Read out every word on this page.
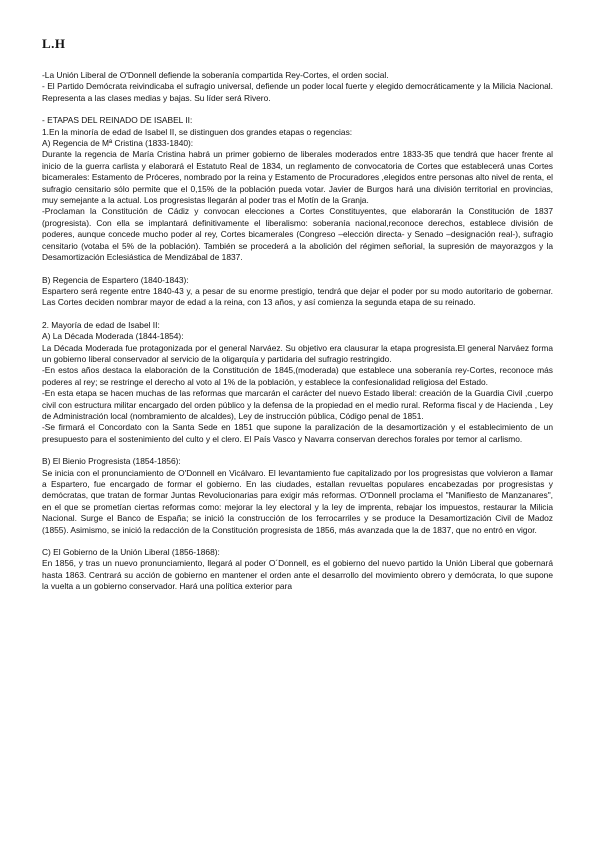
L.H

-La Unión Liberal de O'Donnell defiende la soberanía compartida Rey-Cortes, el orden social.

- El Partido Demócrata reivindicaba el sufragio universal, defiende un poder local fuerte y elegido democráticamente y la Milicia Nacional. Representa a las clases medias y bajas. Su líder será Rivero.

- ETAPAS DEL REINADO DE ISABEL II:

1.En la minoría de edad de Isabel II, se distinguen dos grandes etapas o regencias:

A) Regencia de Mª Cristina (1833-1840):

Durante la regencia de María Cristina habrá un primer gobierno de liberales moderados entre 1833-35 que tendrá que hacer frente al inicio de la guerra carlista y elaborará el Estatuto Real de 1834, un reglamento de convocatoria de Cortes que establecerá unas Cortes bicamerales: Estamento de Próceres, nombrado por la reina y Estamento de Procuradores ,elegidos entre personas alto nivel de renta, el sufragio censitario sólo permite que el 0,15% de la población pueda votar. Javier de Burgos hará una división territorial en provincias, muy semejante a la actual. Los progresistas llegarán al poder tras el Motín de la Granja.

-Proclaman la Constitución de Cádiz y convocan elecciones a Cortes Constituyentes, que elaborarán la Constitución de 1837 (progresista). Con ella se implantará definitivamente el liberalismo: soberanía nacional,reconoce derechos, establece división de poderes, aunque concede mucho poder al rey, Cortes bicamerales (Congreso –elección directa- y Senado –designación real-), sufragio censitario (votaba el 5% de la población). También se procederá a la abolición del régimen señorial, la supresión de mayorazgos y la Desamortización Eclesiástica de Mendizábal de 1837.

B) Regencia de Espartero (1840-1843):

Espartero será regente entre 1840-43 y, a pesar de su enorme prestigio, tendrá que dejar el poder por su modo autoritario de gobernar. Las Cortes deciden nombrar mayor de edad a la reina, con 13 años, y así comienza la segunda etapa de su reinado.

2. Mayoría de edad de Isabel II:

A) La Década Moderada (1844-1854):

La Década Moderada fue protagonizada por el general Narváez. Su objetivo era clausurar la etapa progresista.El general Narváez forma un gobierno liberal conservador al servicio de la oligarquía y partidaria del sufragio restringido.

-En estos años destaca la elaboración de la Constitución de 1845,(moderada) que establece una soberanía rey-Cortes, reconoce más poderes al rey; se restringe el derecho al voto al 1% de la población, y establece la confesionalidad religiosa del Estado.

-En esta etapa se hacen muchas de las reformas que marcarán el carácter del nuevo Estado liberal: creación de la Guardia Civil ,cuerpo civil con estructura militar encargado del orden público y la defensa de la propiedad en el medio rural. Reforma fiscal y de Hacienda , Ley de Administración local (nombramiento de alcaldes), Ley de instrucción pública, Código penal de 1851.

-Se firmará el Concordato con la Santa Sede en 1851 que supone la paralización de la desamortización y el establecimiento de un presupuesto para el sostenimiento del culto y el clero. El País Vasco y Navarra conservan derechos forales por temor al carlismo.

B) El Bienio Progresista (1854-1856):

Se inicia con el pronunciamiento de O'Donnell en Vicálvaro. El levantamiento fue capitalizado por los progresistas que volvieron a llamar a Espartero, fue encargado de formar el gobierno. En las ciudades, estallan revueltas populares encabezadas por progresistas y demócratas, que tratan de formar Juntas Revolucionarias para exigir más reformas. O'Donnell proclama el "Manifiesto de Manzanares", en el que se prometían ciertas reformas como: mejorar la ley electoral y la ley de imprenta, rebajar los impuestos, restaurar la Milicia Nacional. Surge el Banco de España; se inició la construcción de los ferrocarriles y se produce la Desamortización Civil de Madoz (1855). Asimismo, se inició la redacción de la Constitución progresista de 1856, más avanzada que la de 1837, que no entró en vigor.

C) El Gobierno de la Unión Liberal (1856-1868):

En 1856, y tras un nuevo pronunciamiento, llegará al poder O´Donnell, es el gobierno del nuevo partido la Unión Liberal que gobernará hasta 1863. Centrará su acción de gobierno en mantener el orden ante el desarrollo del movimiento obrero y demócrata, lo que supone la vuelta a un gobierno conservador. Hará una política exterior para
